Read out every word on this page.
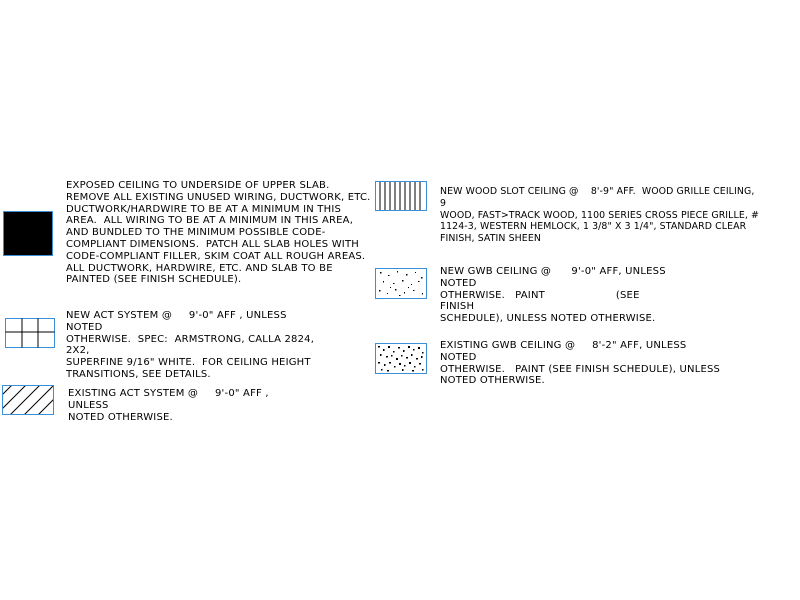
EXPOSED CEILING TO UNDERSIDE OF UPPER SLAB.
REMOVE ALL EXISTING UNUSED WIRING, DUCTWORK, ETC.
DUCTWORK/HARDWIRE TO BE AT A MINIMUM IN THIS
AREA.  ALL WIRING TO BE AT A MINIMUM IN THIS AREA,
AND BUNDLED TO THE MINIMUM POSSIBLE CODE-
COMPLIANT DIMENSIONS.  PATCH ALL SLAB HOLES WITH
CODE-COMPLIANT FILLER, SKIM COAT ALL ROUGH AREAS.
ALL DUCTWORK, HARDWIRE, ETC. AND SLAB TO BE
PAINTED (SEE FINISH SCHEDULE).
NEW ACT SYSTEM @     9'-0" AFF , UNLESS
NOTED
OTHERWISE.  SPEC:  ARMSTRONG, CALLA 2824,
2X2,
SUPERFINE 9/16" WHITE.  FOR CEILING HEIGHT
TRANSITIONS, SEE DETAILS.
EXISTING ACT SYSTEM @     9'-0" AFF ,
UNLESS
NOTED OTHERWISE.
NEW WOOD SLOT CEILING @    8'-9" AFF.  WOOD GRILLE CEILING,
9
WOOD, FAST>TRACK WOOD, 1100 SERIES CROSS PIECE GRILLE, #
1124-3, WESTERN HEMLOCK, 1 3/8" X 3 1/4", STANDARD CLEAR
FINISH, SATIN SHEEN
NEW GWB CEILING @      9'-0" AFF, UNLESS
NOTED
OTHERWISE.   PAINT                     (SEE
FINISH
SCHEDULE), UNLESS NOTED OTHERWISE.
EXISTING GWB CEILING @     8'-2" AFF, UNLESS
NOTED
OTHERWISE.   PAINT (SEE FINISH SCHEDULE), UNLESS
NOTED OTHERWISE.
